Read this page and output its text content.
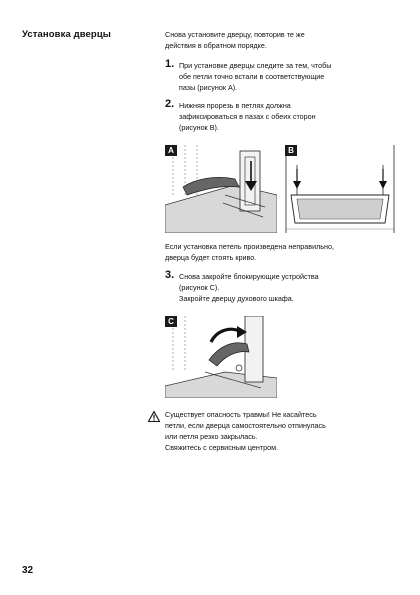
Установка дверцы	Снова установите дверцу, повторив те же

действия в обратном порядке.

1. При установке дверцы следите за тем, чтобы

обе петли точно встали в соответствующие

пазы (рисунок A).

2. Нижняя прорезь в петлях должна

зафиксироваться в пазах с обеих сторон

(рисунок B).

A	B

Если установка петель произведена неправильно,

дверца будет стоять криво.

3. Снова закройте блокирующие устройства

(рисунок C).

Закройте дверцу духового шкафа.

C

Существует опасность травмы! Не касайтесь

петли, если дверца самостоятельно отпинулась

или петля резко закрылась.

Свяжитесь с сервисным центром.

32
